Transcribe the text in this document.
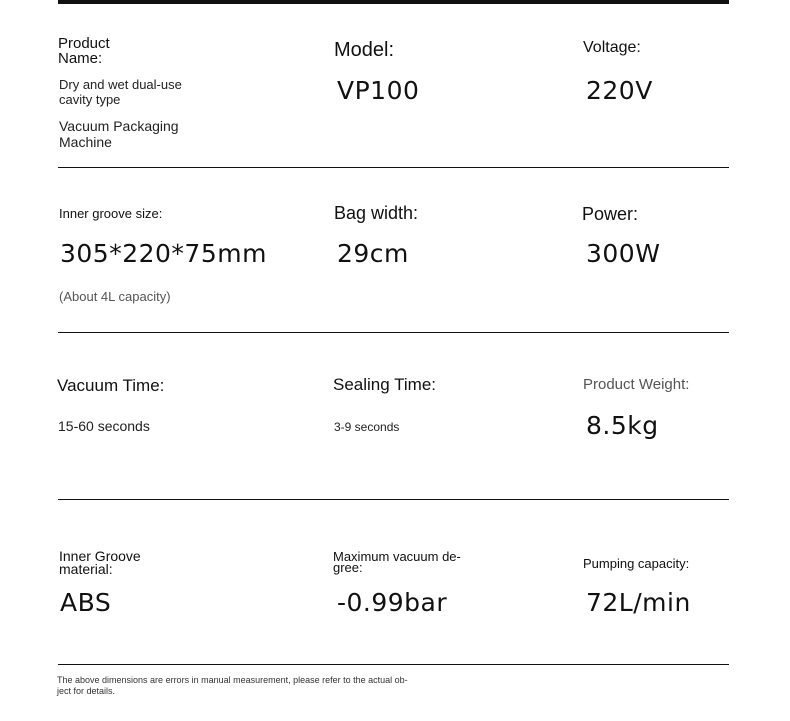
Product
Name:
Dry and wet dual-use
cavity type
Vacuum Packaging
Machine
Model:
VP100
Voltage:
220V
Inner groove size:
305*220*75mm
(About 4L capacity)
Bag width:
29cm
Power:
300W
Vacuum Time:
15-60 seconds
Sealing Time:
3-9 seconds
Product Weight:
8.5kg
Inner Groove
material:
ABS
Maximum vacuum de-
gree:
-0.99bar
Pumping capacity:
72L/min
The above dimensions are errors in manual measurement, please refer to the actual ob-
ject for details.
